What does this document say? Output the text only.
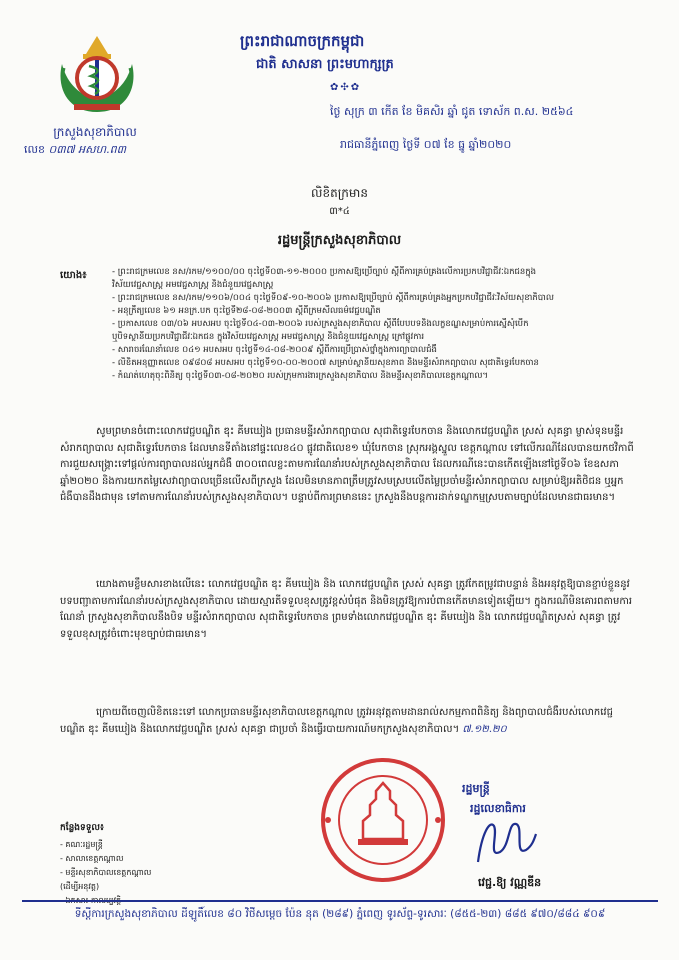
ក្រសួងសុខាភិបាល
លេខ ០៣៧ អសហ.ព៣
ព្រះរាជាណាចក្រកម្ពុជា
ជាតិ សាសនា ព្រះមហាក្សត្រ
✿✣✿
ថ្ងៃ សុក្រ ៣ កើត ខែ មិគសិរ ឆ្នាំ ជូត ទោស័ក ព.ស. ២៥៦៤
រាជធានីភ្នំពេញ ថ្ងៃទី ០៧ ខែ ធ្នូ ឆ្នាំ២០២០
លិខិតក្រមាន
៣*៤
រដ្ឋមន្ត្រីក្រសួងសុខាភិបាល
យោង៖	- ព្រះរាជក្រមលេខ នស/រកម/១១០០/០០ ចុះថ្ងៃទី០៣-១១-២០០០ ប្រកាសឱ្យប្រើច្បាប់ ស្តីពីការគ្រប់គ្រងលើការប្រកបវិជ្ជាជីវៈឯកជនក្នុង
វិស័យវេជ្ជសាស្ត្រ អមវេជ្ជសាស្ត្រ និងជំនួយវេជ្ជសាស្ត្រ
- ព្រះរាជក្រមលេខ នស/រកម/១១០៦/០០៤ ចុះថ្ងៃទី០៩-១០-២០០៦ ប្រកាសឱ្យប្រើច្បាប់ ស្តីពីការគ្រប់គ្រងអ្នកប្រកបវិជ្ជាជីវៈវិស័យសុខាភិបាល
- អនុក្រឹត្យលេខ ៦១ អនក្រ.បក ចុះថ្ងៃទី២៨-០៨-២០០៣ ស្តីពីក្រមសីលធម៌វេជ្ជបណ្ឌិត
- ប្រកាសលេខ ០៣/០៦ អបសអប ចុះថ្ងៃទី០៤-០៣-២០០៦ របស់ក្រសួងសុខាភិបាល ស្តីពីបែបបទនិងលក្ខខណ្ឌសម្រាប់ការស្នើសុំបើក
ឬបិទស្ថានីយប្រកបវិជ្ជាជីវៈឯកជន ក្នុងវិស័យវេជ្ជសាស្ត្រ អមវេជ្ជសាស្ត្រ និងជំនួយវេជ្ជសាស្ត្រ ក្រៅផ្លូវការ
- សារាចរណែនាំលេខ ០៤១ អបសអប ចុះថ្ងៃទី១៤-០៨-២០០៩ ស្តីពីការប្រើប្រាស់ថ្នាំក្នុងការព្យាបាលជំងឺ
- លិខិតអនុញ្ញាតលេខ ០៩៨០៨ អបសអប ចុះថ្ងៃទី១០-០០-២០០៧ សម្រាប់ស្ថានីយសុខភាព និងមន្ទីរសំរាកព្យាបាល សុជាតិទ្វេរបែកចាន
- កំណត់ហេតុចុះពិនិត្យ ចុះថ្ងៃទី០៣-០៨-២០២០ របស់ក្រុមការងារក្រសួងសុខាភិបាល និងមន្ទីរសុខាភិបាលខេត្តកណ្ដាល។
សូមព្រមានចំពោះលោកវេជ្ជបណ្ឌិត ឌុះ គីមឃៀង ប្រធានមន្ទីរសំរាកព្យាបាល សុជាតិទ្វេរបែកចាន និងលោកវេជ្ជបណ្ឌិត ស្រស់ សុគន្ធា ម្ចាស់ទុនមន្ទីរសំរាកព្យាបាល សុជាតិទ្វេរបែកចាន ដែលមានទីតាំងនៅផ្ទះលេខ៤០ ផ្លូវជាតិលេខ១ ឃុំបែកចាន ស្រុកអង្គស្នួល ខេត្តកណ្ដាល ទៅលើករណីដែលបានយកថវិកាពីការជួយសង្គ្រោះទៅផ្តល់ការព្យាបាលដល់អ្នកជំងឺ ៣០០ពេលខ្លះតាមការណែនាំរបស់ក្រសួងសុខាភិបាល ដែលករណីនេះបានកើតឡើងនៅថ្ងៃទី០៦ ខែឧសភា ឆ្នាំ២០២០ និងការយកតម្លៃសេវាព្យាបាលច្រើនលើសពីក្រសួង ដែលមិនមានភាពត្រឹមត្រូវសមស្របលើតម្លៃប្រចាំមន្ទីរសំរាកព្យាបាល សម្រាប់ឱ្យអតិថិជន ឬអ្នកជំងឺបានដឹងជាមុន ទៅតាមការណែនាំរបស់ក្រសួងសុខាភិបាល។ បន្ទាប់ពីការព្រមាននេះ ក្រសួងនឹងបន្តការដាក់ទណ្ឌកម្មស្របតាមច្បាប់ដែលមានជាធរមាន។
យោងតាមខ្លឹមសារខាងលើនេះ លោកវេជ្ជបណ្ឌិត ឌុះ គីមឃៀង និង លោកវេជ្ជបណ្ឌិត ស្រស់ សុគន្ធា ត្រូវកែតម្រូវជាបន្ទាន់ និងអនុវត្តឱ្យបានខ្ជាប់ខ្ជួននូវបទបញ្ជាតាមការណែនាំរបស់ក្រសួងសុខាភិបាល ដោយស្មារតីទទួលខុសត្រូវខ្ពស់បំផុត និងមិនត្រូវឱ្យការបំពានកើតមានទៀតឡើយ។ ក្នុងករណីមិនគោរពតាមការណែនាំ ក្រសួងសុខាភិបាលនឹងបិទ មន្ទីរសំរាកព្យាបាល សុជាតិទ្វេរបែកចាន ព្រមទាំងលោកវេជ្ជបណ្ឌិត ឌុះ គីមឃៀង និង លោកវេជ្ជបណ្ឌិតស្រស់ សុគន្ធា ត្រូវទទួលខុសត្រូវចំពោះមុខច្បាប់ជាធរមាន។
ក្រោយពីចេញលិខិតនេះទៅ លោកប្រធានមន្ទីរសុខាភិបាលខេត្តកណ្ដាល ត្រូវអនុវត្តតាមដានរាល់សកម្មភាពពិនិត្យ និងព្យាបាលជំងឺរបស់លោកវេជ្ជបណ្ឌិត ឌុះ គីមឃៀង និងលោកវេជ្ជបណ្ឌិត ស្រស់ សុគន្ធា ជាប្រចាំ និងធ្វើរបាយការណ៍មកក្រសួងសុខាភិបាល។ ៧.១២.២០
កន្លែងទទួល៖
- គណៈរដ្ឋមន្ត្រី
- សាលាខេត្តកណ្ដាល
- មន្ទីរសុខាភិបាលខេត្តកណ្ដាល
(ដើម្បីអនុវត្ត)
រដ្ឋមន្ត្រី
រដ្ឋលេខាធិការ
វេជ្ជ.ឱ្យ វណ្ណឌីន
ទីស្តីការក្រសួងសុខាភិបាល ដីឡូតិ៍លេខ ៨០ វិថីសម្តេច ប៉ែន នុត (២៨៩) ភ្នំពេញ ទូរស័ព្ទ-ទូរសារៈ (៨៥៥-២៣) ៨៨៥ ៩៧០/៨៨៤ ៩០៩
